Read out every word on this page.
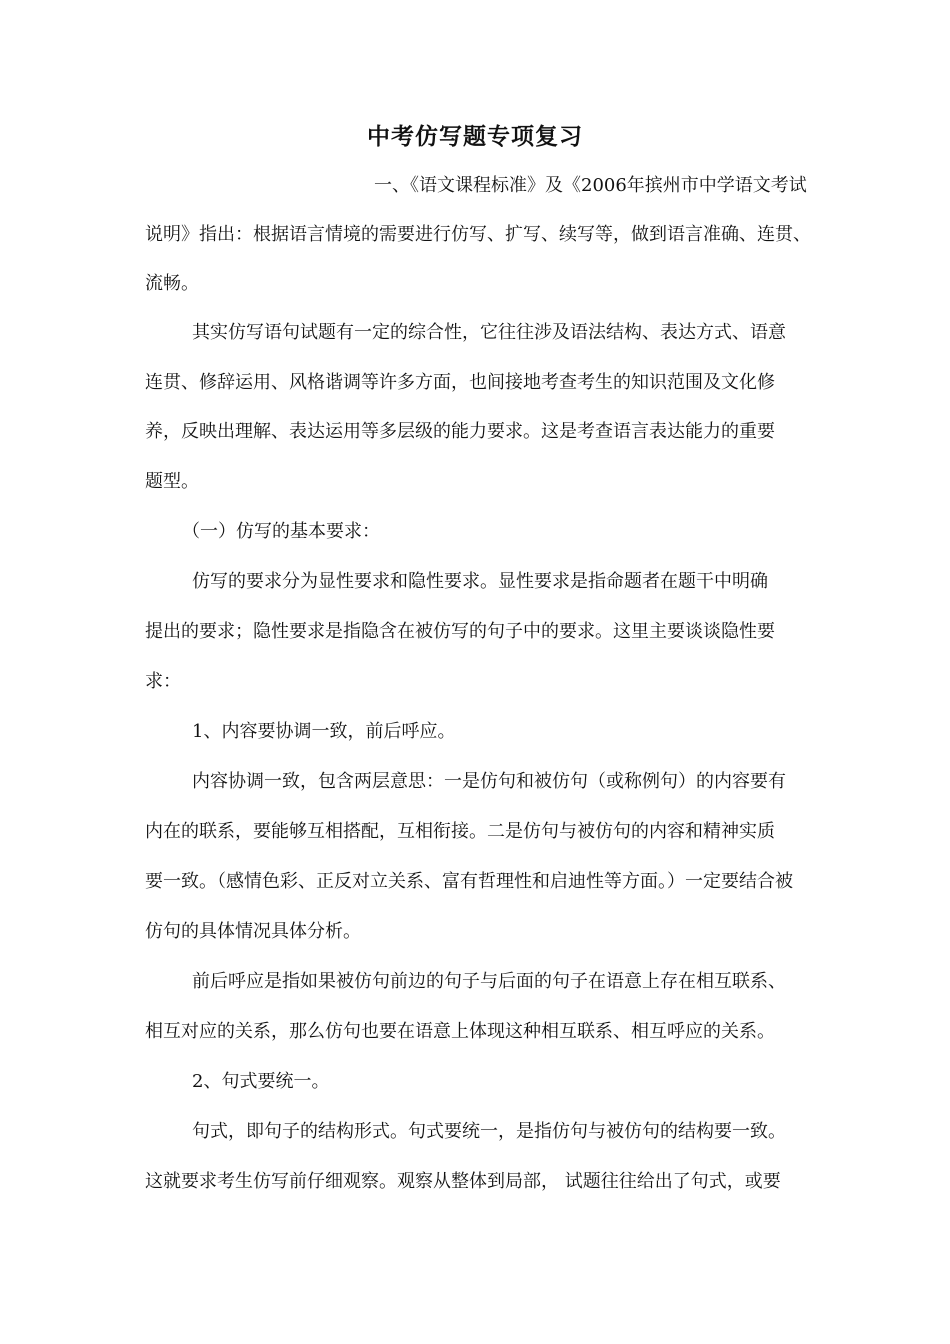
中考仿写题专项复习
一、《语文课程标准》及《2006年摈州市中学语文考试
说明》指出：根据语言情境的需要进行仿写、扩写、续写等，做到语言准确、连贯、
流畅。
其实仿写语句试题有一定的综合性，它往往涉及语法结构、表达方式、语意
连贯、修辞运用、风格谐调等许多方面，也间接地考查考生的知识范围及文化修
养，反映出理解、表达运用等多层级的能力要求。这是考查语言表达能力的重要
题型。
（一）仿写的基本要求：
仿写的要求分为显性要求和隐性要求。显性要求是指命题者在题干中明确
提出的要求；隐性要求是指隐含在被仿写的句子中的要求。这里主要谈谈隐性要
求：
1、内容要协调一致，前后呼应。
内容协调一致，包含两层意思：一是仿句和被仿句（或称例句）的内容要有
内在的联系，要能够互相搭配，互相衔接。二是仿句与被仿句的内容和精神实质
要一致。（感情色彩、正反对立关系、富有哲理性和启迪性等方面。）一定要结合被
仿句的具体情况具体分析。
前后呼应是指如果被仿句前边的句子与后面的句子在语意上存在相互联系、
相互对应的关系，那么仿句也要在语意上体现这种相互联系、相互呼应的关系。
2、句式要统一。
句式，即句子的结构形式。句式要统一，是指仿句与被仿句的结构要一致。
这就要求考生仿写前仔细观察。观察从整体到局部， 试题往往给出了句式，或要
